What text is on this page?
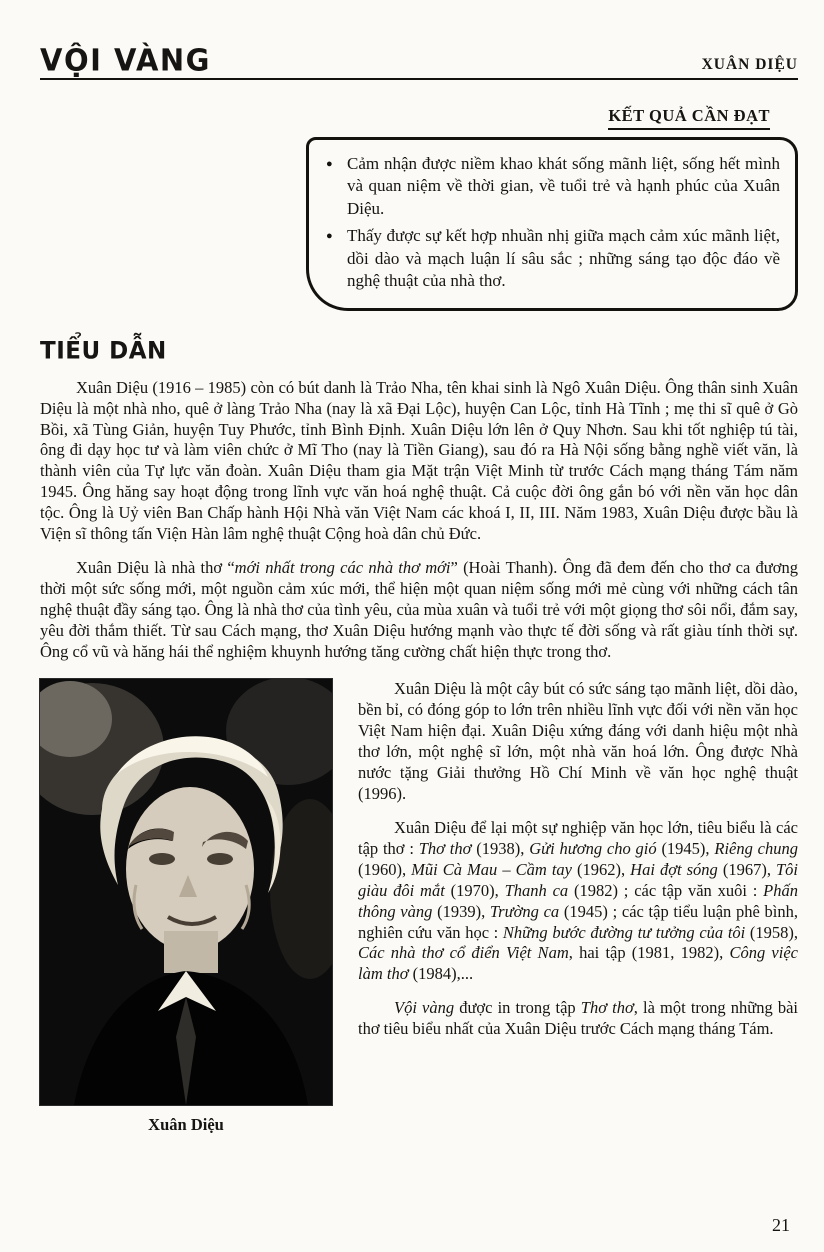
VỘI VÀNG	XUÂN DIỆU
KẾT QUẢ CẦN ĐẠT
● Cảm nhận được niềm khao khát sống mãnh liệt, sống hết mình và quan niệm về thời gian, về tuổi trẻ và hạnh phúc của Xuân Diệu.
● Thấy được sự kết hợp nhuần nhị giữa mạch cảm xúc mãnh liệt, dồi dào và mạch luận lí sâu sắc ; những sáng tạo độc đáo về nghệ thuật của nhà thơ.
TIỂU DẪN

Xuân Diệu (1916 – 1985) còn có bút danh là Trảo Nha, tên khai sinh là Ngô Xuân Diệu. Ông thân sinh Xuân Diệu là một nhà nho, quê ở làng Trảo Nha (nay là xã Đại Lộc), huyện Can Lộc, tỉnh Hà Tĩnh ; mẹ thi sĩ quê ở Gò Bồi, xã Tùng Giản, huyện Tuy Phước, tỉnh Bình Định. Xuân Diệu lớn lên ở Quy Nhơn. Sau khi tốt nghiệp tú tài, ông đi dạy học tư và làm viên chức ở Mĩ Tho (nay là Tiền Giang), sau đó ra Hà Nội sống bằng nghề viết văn, là thành viên của Tự lực văn đoàn. Xuân Diệu tham gia Mặt trận Việt Minh từ trước Cách mạng tháng Tám năm 1945. Ông hăng say hoạt động trong lĩnh vực văn hoá nghệ thuật. Cả cuộc đời ông gắn bó với nền văn học dân tộc. Ông là Uỷ viên Ban Chấp hành Hội Nhà văn Việt Nam các khoá I, II, III. Năm 1983, Xuân Diệu được bầu là Viện sĩ thông tấn Viện Hàn lâm nghệ thuật Cộng hoà dân chủ Đức.

Xuân Diệu là nhà thơ “mới nhất trong các nhà thơ mới” (Hoài Thanh). Ông đã đem đến cho thơ ca đương thời một sức sống mới, một nguồn cảm xúc mới, thể hiện một quan niệm sống mới mẻ cùng với những cách tân nghệ thuật đầy sáng tạo. Ông là nhà thơ của tình yêu, của mùa xuân và tuổi trẻ với một giọng thơ sôi nổi, đắm say, yêu đời thắm thiết. Từ sau Cách mạng, thơ Xuân Diệu hướng mạnh vào thực tế đời sống và rất giàu tính thời sự. Ông cổ vũ và hăng hái thể nghiệm khuynh hướng tăng cường chất hiện thực trong thơ.

Xuân Diệu

Xuân Diệu là một cây bút có sức sáng tạo mãnh liệt, dồi dào, bền bỉ, có đóng góp to lớn trên nhiều lĩnh vực đối với nền văn học Việt Nam hiện đại. Xuân Diệu xứng đáng với danh hiệu một nhà thơ lớn, một nghệ sĩ lớn, một nhà văn hoá lớn. Ông được Nhà nước tặng Giải thưởng Hồ Chí Minh về văn học nghệ thuật (1996).

Xuân Diệu để lại một sự nghiệp văn học lớn, tiêu biểu là các tập thơ : Thơ thơ (1938), Gửi hương cho gió (1945), Riêng chung (1960), Mũi Cà Mau – Cầm tay (1962), Hai đợt sóng (1967), Tôi giàu đôi mắt (1970), Thanh ca (1982) ; các tập văn xuôi : Phấn thông vàng (1939), Trường ca (1945) ; các tập tiểu luận phê bình, nghiên cứu văn học : Những bước đường tư tưởng của tôi (1958), Các nhà thơ cổ điển Việt Nam, hai tập (1981, 1982), Công việc làm thơ (1984),...

Vội vàng được in trong tập Thơ thơ, là một trong những bài thơ tiêu biểu nhất của Xuân Diệu trước Cách mạng tháng Tám.

21
